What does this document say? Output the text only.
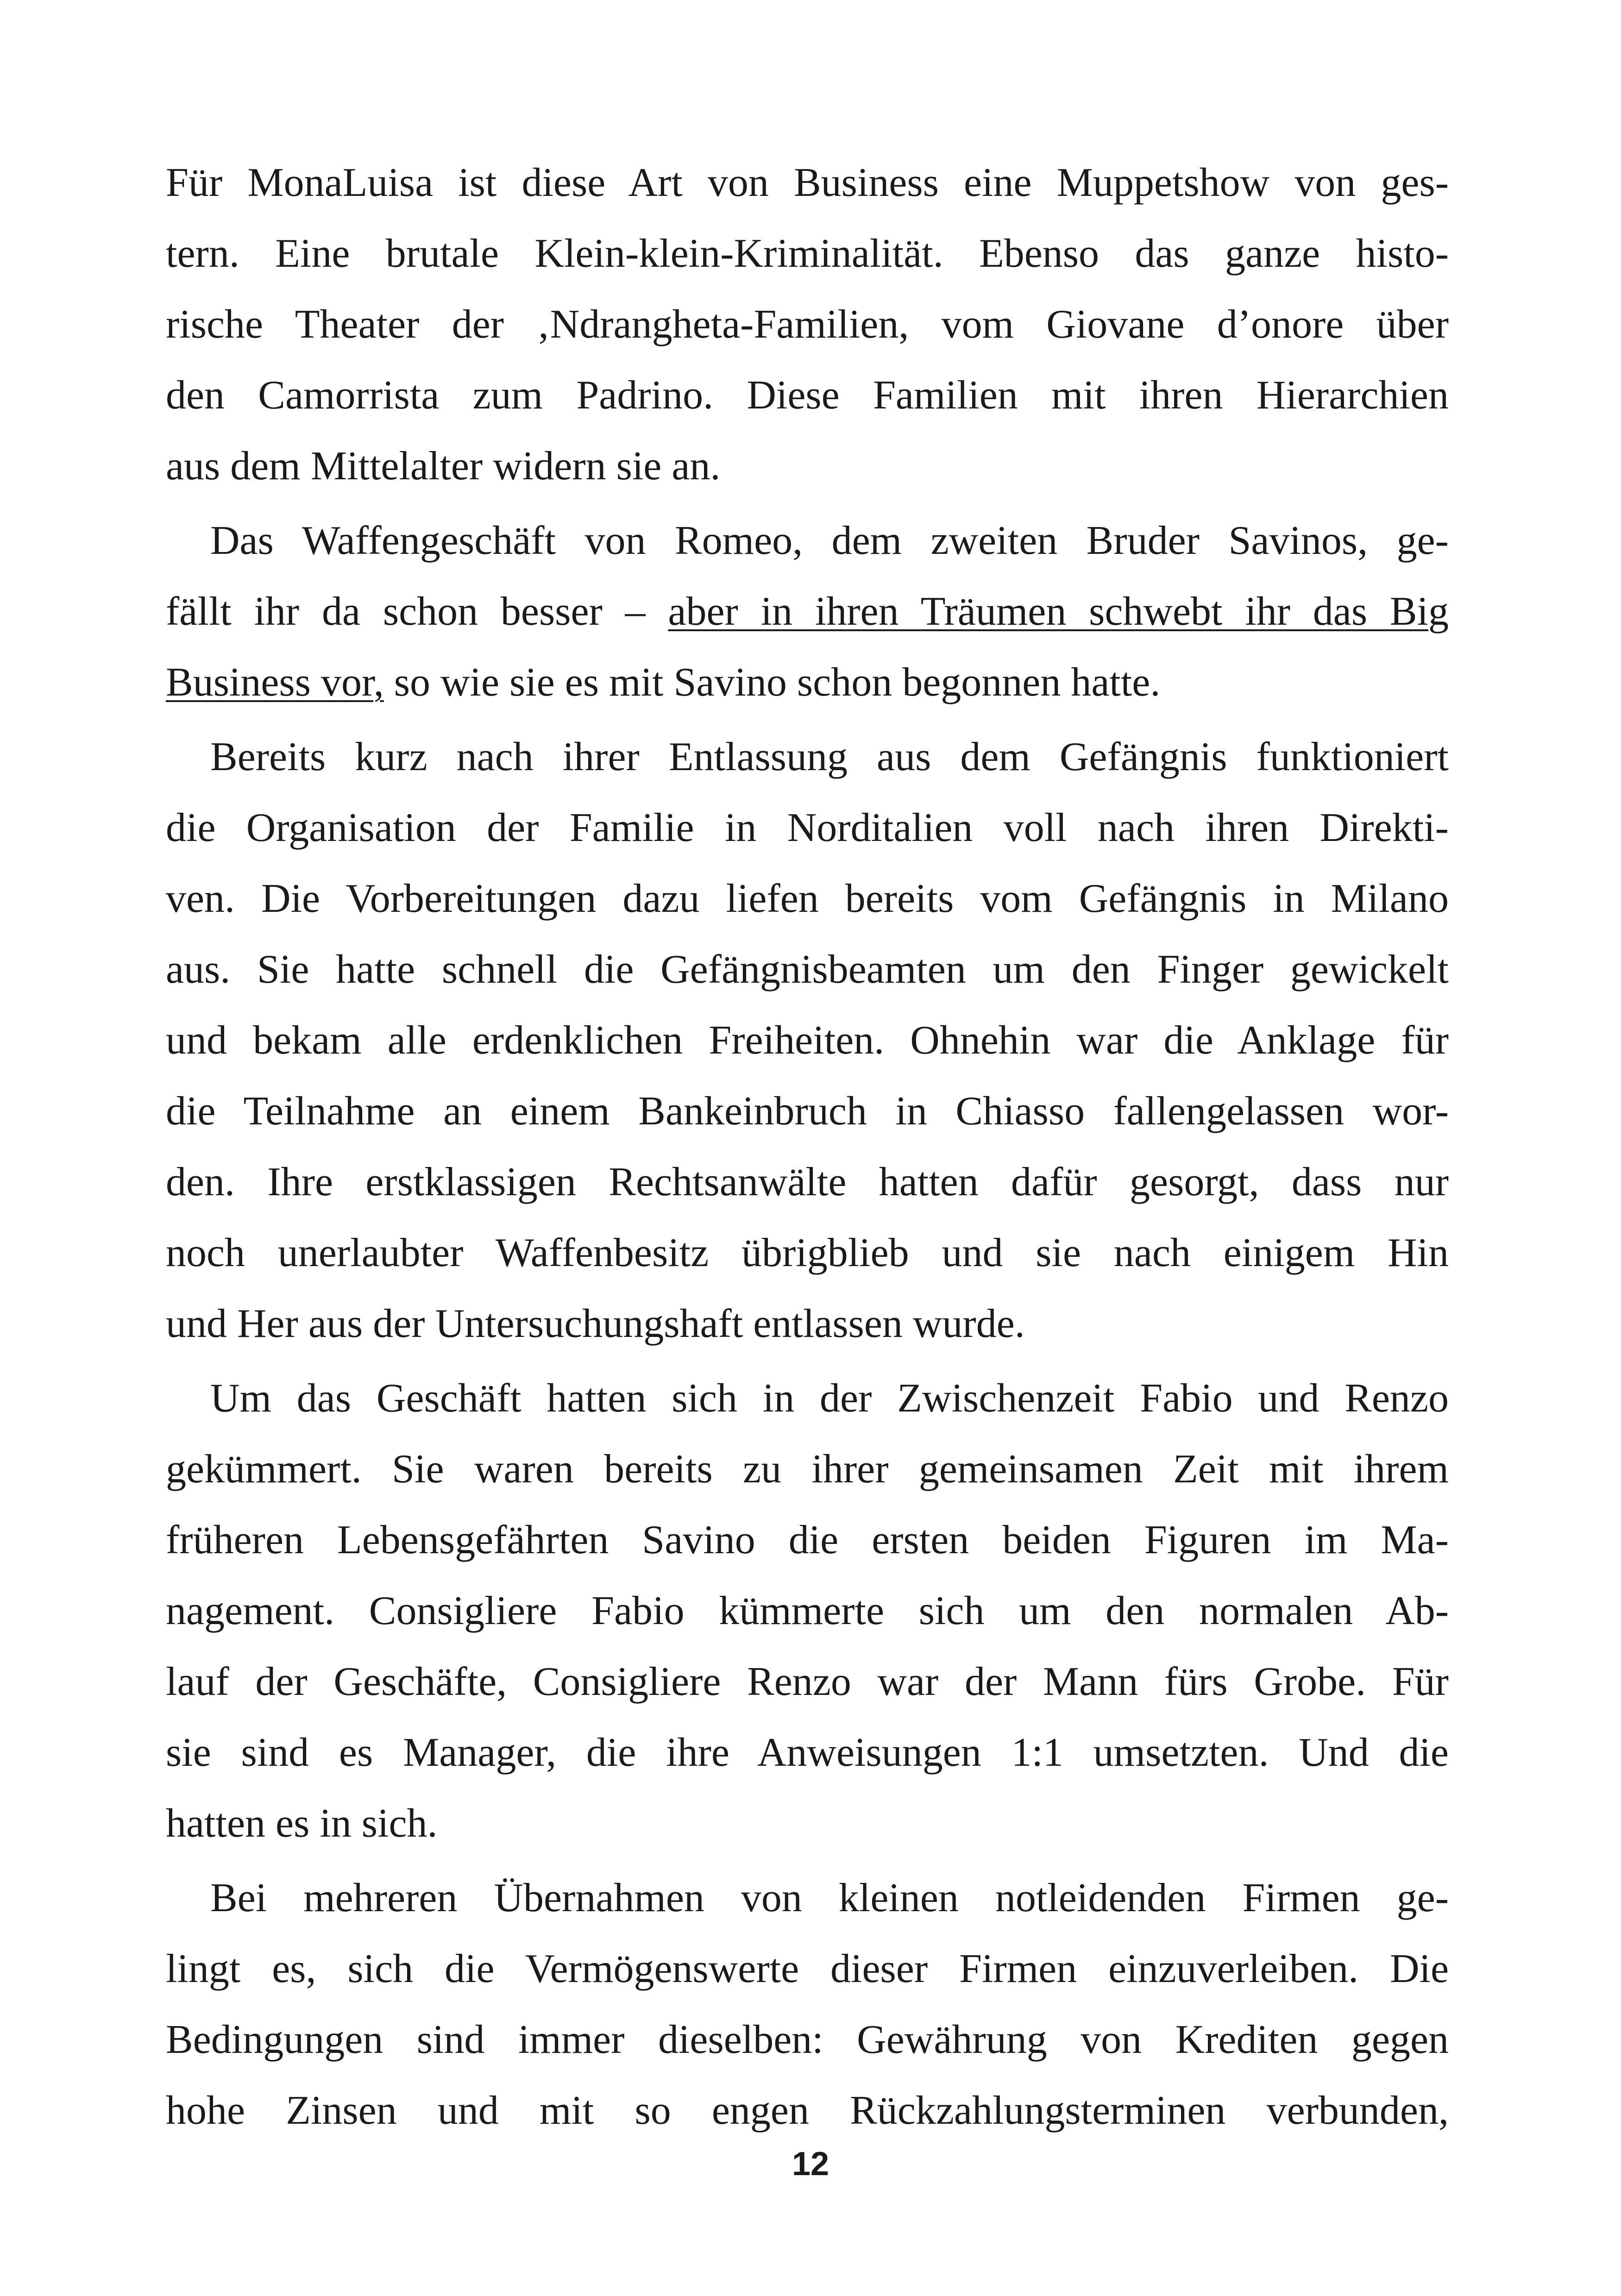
Für MonaLuisa ist diese Art von Business eine Muppetshow von ges-
tern. Eine brutale Klein-klein-Kriminalität. Ebenso das ganze histo-
rische Theater der ‚Ndrangheta-Familien, vom Giovane d’onore über
den Camorrista zum Padrino. Diese Familien mit ihren Hierarchien
aus dem Mittelalter widern sie an.
Das Waffengeschäft von Romeo, dem zweiten Bruder Savinos, ge-
fällt ihr da schon besser – aber in ihren Träumen schwebt ihr das Big
Business vor, so wie sie es mit Savino schon begonnen hatte.
Bereits kurz nach ihrer Entlassung aus dem Gefängnis funktioniert
die Organisation der Familie in Norditalien voll nach ihren Direkti-
ven. Die Vorbereitungen dazu liefen bereits vom Gefängnis in Milano
aus. Sie hatte schnell die Gefängnisbeamten um den Finger gewickelt
und bekam alle erdenklichen Freiheiten. Ohnehin war die Anklage für
die Teilnahme an einem Bankeinbruch in Chiasso fallengelassen wor-
den. Ihre erstklassigen Rechtsanwälte hatten dafür gesorgt, dass nur
noch unerlaubter Waffenbesitz übrigblieb und sie nach einigem Hin
und Her aus der Untersuchungshaft entlassen wurde.
Um das Geschäft hatten sich in der Zwischenzeit Fabio und Renzo
gekümmert. Sie waren bereits zu ihrer gemeinsamen Zeit mit ihrem
früheren Lebensgefährten Savino die ersten beiden Figuren im Ma-
nagement. Consigliere Fabio kümmerte sich um den normalen Ab-
lauf der Geschäfte, Consigliere Renzo war der Mann fürs Grobe. Für
sie sind es Manager, die ihre Anweisungen 1:1 umsetzten. Und die
hatten es in sich.
Bei mehreren Übernahmen von kleinen notleidenden Firmen ge-
lingt es, sich die Vermögenswerte dieser Firmen einzuverleiben. Die
Bedingungen sind immer dieselben: Gewährung von Krediten gegen
hohe Zinsen und mit so engen Rückzahlungsterminen verbunden,
12
